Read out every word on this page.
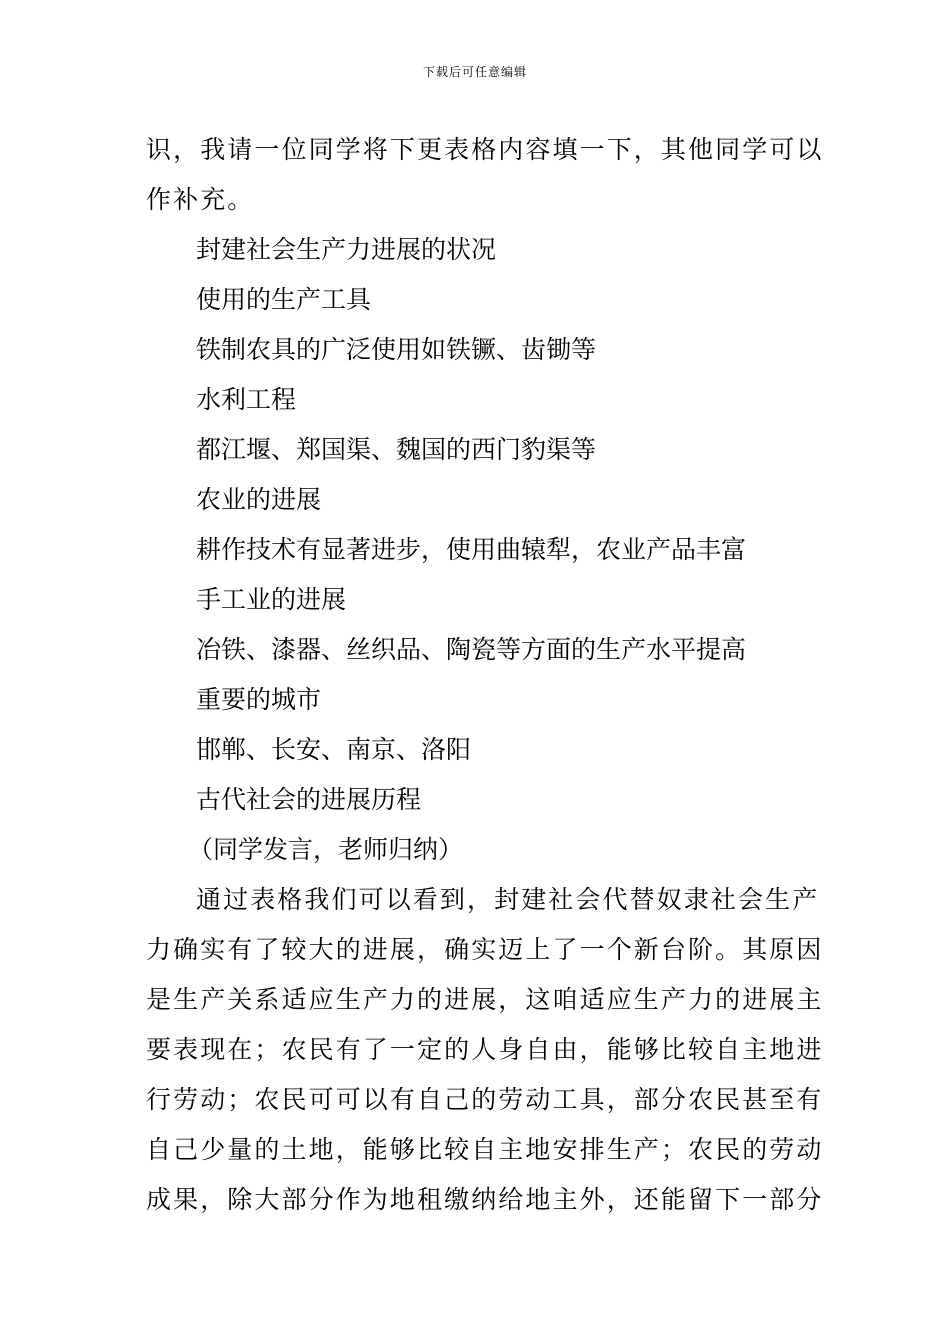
下载后可任意编辑
识，我请一位同学将下更表格内容填一下，其他同学可以
作补充。
封建社会生产力进展的状况
使用的生产工具
铁制农具的广泛使用如铁镢、齿锄等
水利工程
都江堰、郑国渠、魏国的西门豹渠等
农业的进展
耕作技术有显著进步，使用曲辕犁，农业产品丰富
手工业的进展
冶铁、漆器、丝织品、陶瓷等方面的生产水平提高
重要的城市
邯郸、长安、南京、洛阳
古代社会的进展历程
（同学发言，老师归纳）
通过表格我们可以看到，封建社会代替奴隶社会生产
力确实有了较大的进展，确实迈上了一个新台阶。其原因
是生产关系适应生产力的进展，这咱适应生产力的进展主
要表现在；农民有了一定的人身自由，能够比较自主地进
行劳动；农民可可以有自己的劳动工具，部分农民甚至有
自己少量的土地，能够比较自主地安排生产；农民的劳动
成果，除大部分作为地租缴纳给地主外，还能留下一部分
